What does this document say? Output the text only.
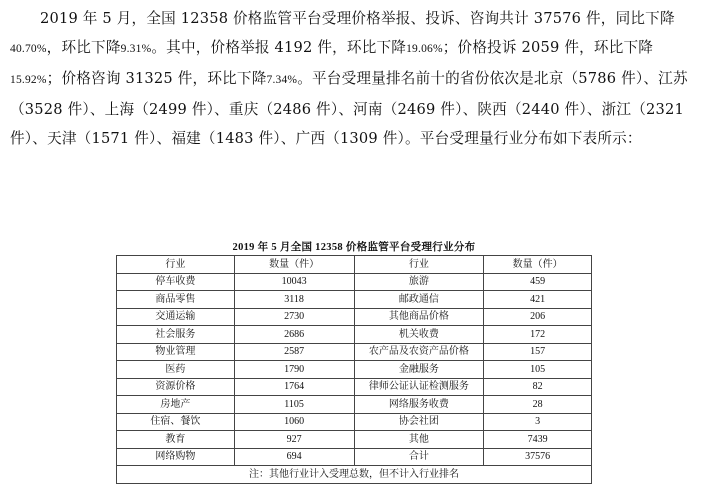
2019 年 5 月，全国 12358 价格监管平台受理价格举报、投诉、咨询共计 37576 件，同比下降40.70%，环比下降9.31%。其中，价格举报 4192 件，环比下降19.06%；价格投诉 2059 件，环比下降15.92%；价格咨询 31325 件，环比下降7.34%。平台受理量排名前十的省份依次是北京（5786 件）、江苏（3528 件）、上海（2499 件）、重庆（2486 件）、河南（2469 件）、陕西（2440 件）、浙江（2321 件）、天津（1571 件）、福建（1483 件）、广西（1309 件）。平台受理量行业分布如下表所示：
2019 年 5 月全国 12358 价格监管平台受理行业分布
行业	数量（件）	行业	数量（件）
停车收费	10043	旅游	459
商品零售	3118	邮政通信	421
交通运输	2730	其他商品价格	206
社会服务	2686	机关收费	172
物业管理	2587	农产品及农资产品价格	157
医药	1790	金融服务	105
资源价格	1764	律师公证认证检测服务	82
房地产	1105	网络服务收费	28
住宿、餐饮	1060	协会社团	3
教育	927	其他	7439
网络购物	694	合计	37576
注：其他行业计入受理总数，但不计入行业排名			
